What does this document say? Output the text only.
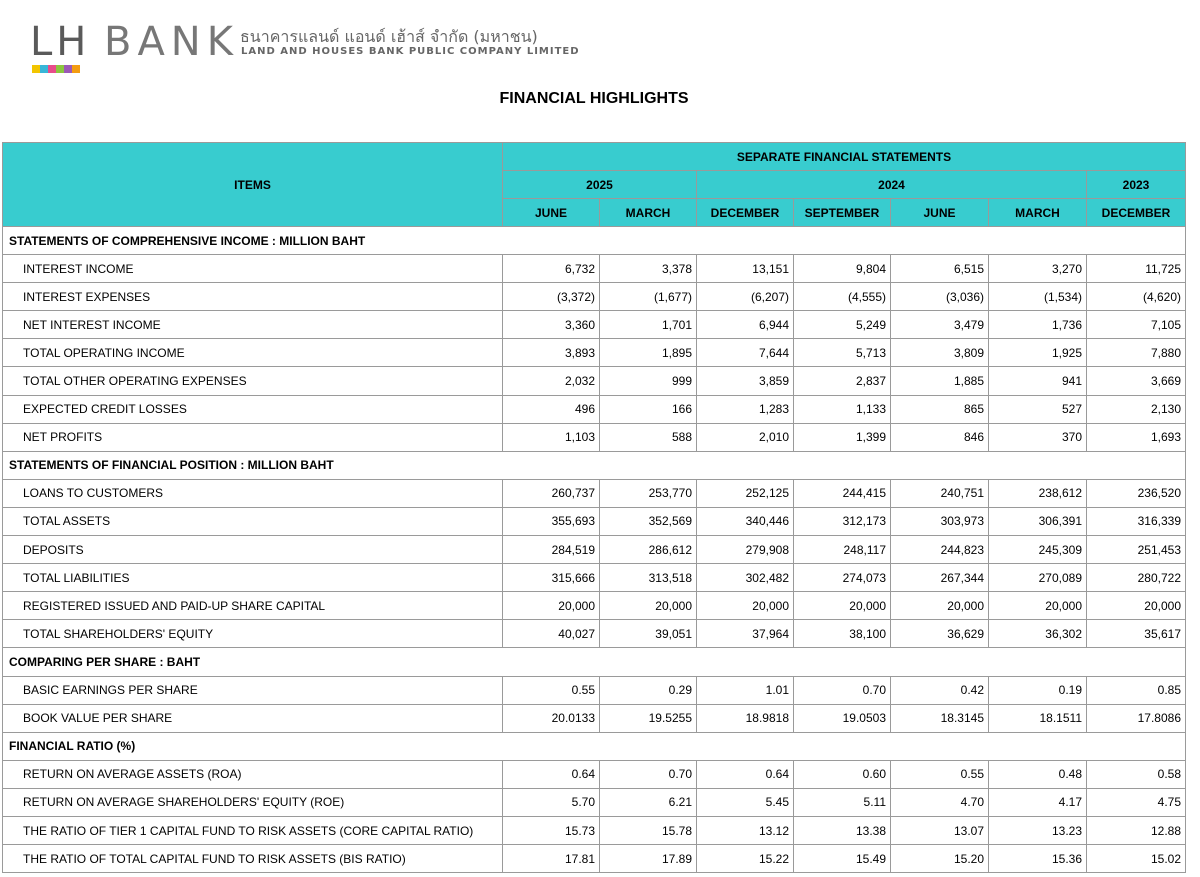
LH BANK ธนาคารแลนด์ แอนด์ เฮ้าส์ จำกัด (มหาชน)
LAND AND HOUSES BANK PUBLIC COMPANY LIMITED
FINANCIAL HIGHLIGHTS
ITEMS	SEPARATE FINANCIAL STATEMENTS						
	2025		2024				2023
	JUNE	MARCH	DECEMBER	SEPTEMBER	JUNE	MARCH	DECEMBER
STATEMENTS OF COMPREHENSIVE INCOME : MILLION BAHT							
INTEREST INCOME	6,732	3,378	13,151	9,804	6,515	3,270	11,725
INTEREST EXPENSES	(3,372)	(1,677)	(6,207)	(4,555)	(3,036)	(1,534)	(4,620)
NET INTEREST INCOME	3,360	1,701	6,944	5,249	3,479	1,736	7,105
TOTAL OPERATING INCOME	3,893	1,895	7,644	5,713	3,809	1,925	7,880
TOTAL OTHER OPERATING EXPENSES	2,032	999	3,859	2,837	1,885	941	3,669
EXPECTED CREDIT LOSSES	496	166	1,283	1,133	865	527	2,130
NET PROFITS	1,103	588	2,010	1,399	846	370	1,693
STATEMENTS OF FINANCIAL POSITION : MILLION BAHT							
LOANS TO CUSTOMERS	260,737	253,770	252,125	244,415	240,751	238,612	236,520
TOTAL ASSETS	355,693	352,569	340,446	312,173	303,973	306,391	316,339
DEPOSITS	284,519	286,612	279,908	248,117	244,823	245,309	251,453
TOTAL LIABILITIES	315,666	313,518	302,482	274,073	267,344	270,089	280,722
REGISTERED ISSUED AND PAID-UP SHARE CAPITAL	20,000	20,000	20,000	20,000	20,000	20,000	20,000
TOTAL SHAREHOLDERS' EQUITY	40,027	39,051	37,964	38,100	36,629	36,302	35,617
COMPARING PER SHARE : BAHT							
BASIC EARNINGS PER SHARE	0.55	0.29	1.01	0.70	0.42	0.19	0.85
BOOK VALUE PER SHARE	20.0133	19.5255	18.9818	19.0503	18.3145	18.1511	17.8086
FINANCIAL RATIO (%)							
RETURN ON AVERAGE ASSETS (ROA)	0.64	0.70	0.64	0.60	0.55	0.48	0.58
RETURN ON AVERAGE SHAREHOLDERS' EQUITY (ROE)	5.70	6.21	5.45	5.11	4.70	4.17	4.75
THE RATIO OF TIER 1 CAPITAL FUND TO RISK ASSETS (CORE CAPITAL RATIO)	15.73	15.78	13.12	13.38	13.07	13.23	12.88
THE RATIO OF TOTAL CAPITAL FUND TO RISK ASSETS (BIS RATIO)	17.81	17.89	15.22	15.49	15.20	15.36	15.02
